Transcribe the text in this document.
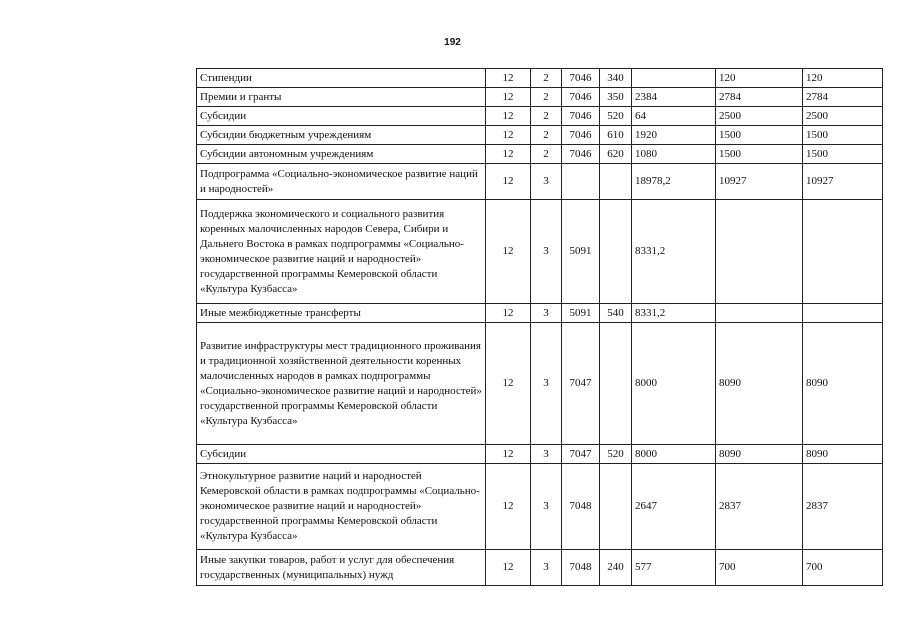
192
Стипендии	12	2	7046	340		120	120
Премии и гранты	12	2	7046	350	2384	2784	2784
Субсидии	12	2	7046	520	64	2500	2500
Субсидии бюджетным учреждениям	12	2	7046	610	1920	1500	1500
Субсидии автономным учреждениям	12	2	7046	620	1080	1500	1500
Подпрограмма «Социально-экономическое развитие наций и народностей»	12	3			18978,2	10927	10927
Поддержка экономического и социального развития коренных малочисленных народов Севера, Сибири и Дальнего Востока в рамках подпрограммы «Социально-экономическое развитие наций и народностей» государственной программы Кемеровской области «Культура Кузбасса»	12	3	5091		8331,2		
Иные межбюджетные трансферты	12	3	5091	540	8331,2		
Развитие инфраструктуры мест традиционного проживания и традиционной хозяйственной деятельности коренных малочисленных народов в рамках подпрограммы «Социально-экономическое развитие наций и народностей» государственной программы Кемеровской области «Культура Кузбасса»	12	3	7047		8000	8090	8090
Субсидии	12	3	7047	520	8000	8090	8090
Этнокультурное развитие наций и народностей Кемеровской области в рамках подпрограммы «Социально-экономическое развитие наций и народностей» государственной программы Кемеровской области «Культура Кузбасса»	12	3	7048		2647	2837	2837
Иные закупки товаров, работ и услуг для обеспечения государственных (муниципальных) нужд	12	3	7048	240	577	700	700
